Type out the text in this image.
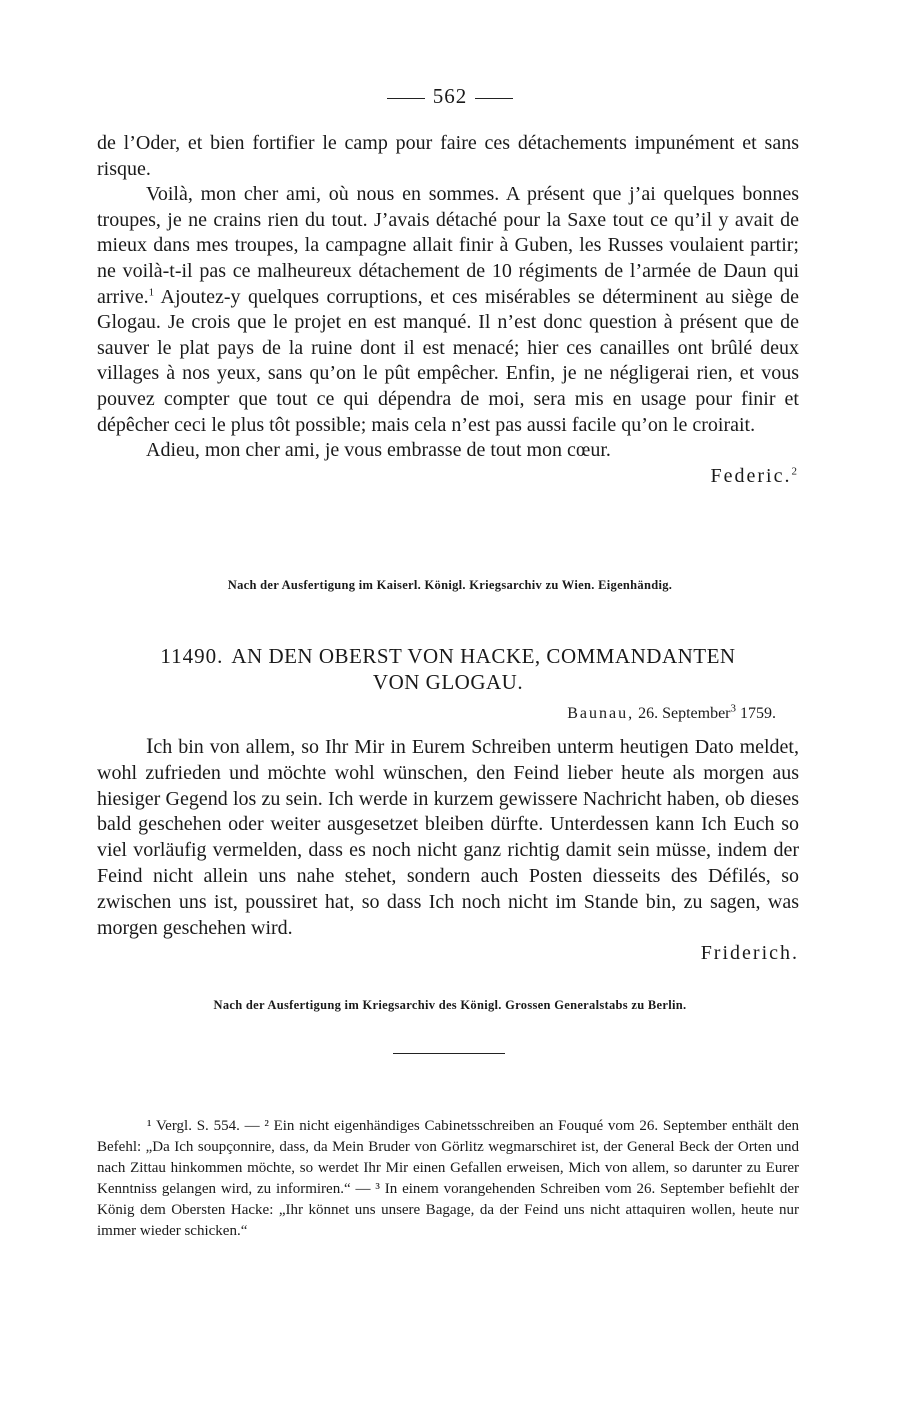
562

de l’Oder, et bien fortifier le camp pour faire ces détachements impunément et sans risque.

Voilà, mon cher ami, où nous en sommes. A présent que j’ai quelques bonnes troupes, je ne crains rien du tout. J’avais détaché pour la Saxe tout ce qu’il y avait de mieux dans mes troupes, la campagne allait finir à Guben, les Russes voulaient partir; ne voilà-t-il pas ce malheureux détachement de 10 régiments de l’armée de Daun qui arrive.$^1$ Ajoutez-y quelques corruptions, et ces misérables se déterminent au siège de Glogau. Je crois que le projet en est manqué. Il n’est donc question à présent que de sauver le plat pays de la ruine dont il est menacé; hier ces canailles ont brûlé deux villages à nos yeux, sans qu’on le pût empêcher. Enfin, je ne négligerai rien, et vous pouvez compter que tout ce qui dépendra de moi, sera mis en usage pour finir et dépêcher ceci le plus tôt possible; mais cela n’est pas aussi facile qu’on le croirait.

Adieu, mon cher ami, je vous embrasse de tout mon cœur.

Federic.$^2$

Nach der Ausfertigung im Kaiserl. Königl. Kriegsarchiv zu Wien. Eigenhändig.
11490. AN DEN OBERST VON HACKE, COMMANDANTEN
VON GLOGAU.
Baunau, 26. September$^3$ 1759.

Ich bin von allem, so Ihr Mir in Eurem Schreiben unterm heutigen Dato meldet, wohl zufrieden und möchte wohl wünschen, den Feind lieber heute als morgen aus hiesiger Gegend los zu sein. Ich werde in kurzem gewissere Nachricht haben, ob dieses bald geschehen oder weiter ausgesetzet bleiben dürfte. Unterdessen kann Ich Euch so viel vorläufig vermelden, dass es noch nicht ganz richtig damit sein müsse, indem der Feind nicht allein uns nahe stehet, sondern auch Posten diesseits des Défilés, so zwischen uns ist, poussiret hat, so dass Ich noch nicht im Stande bin, zu sagen, was morgen geschehen wird.

Friderich.

Nach der Ausfertigung im Kriegsarchiv des Königl. Grossen Generalstabs zu Berlin.

¹ Vergl. S. 554. — ² Ein nicht eigenhändiges Cabinetsschreiben an Fouqué vom 26. September enthält den Befehl: „Da Ich soupçonnire, dass, da Mein Bruder von Görlitz wegmarschiret ist, der General Beck der Orten und nach Zittau hinkommen möchte, so werdet Ihr Mir einen Gefallen erweisen, Mich von allem, so darunter zu Eurer Kenntniss gelangen wird, zu informiren.“ — ³ In einem vorangehenden Schreiben vom 26. September befiehlt der König dem Obersten Hacke: „Ihr könnet uns unsere Bagage, da der Feind uns nicht attaquiren wollen, heute nur immer wieder schicken.“
